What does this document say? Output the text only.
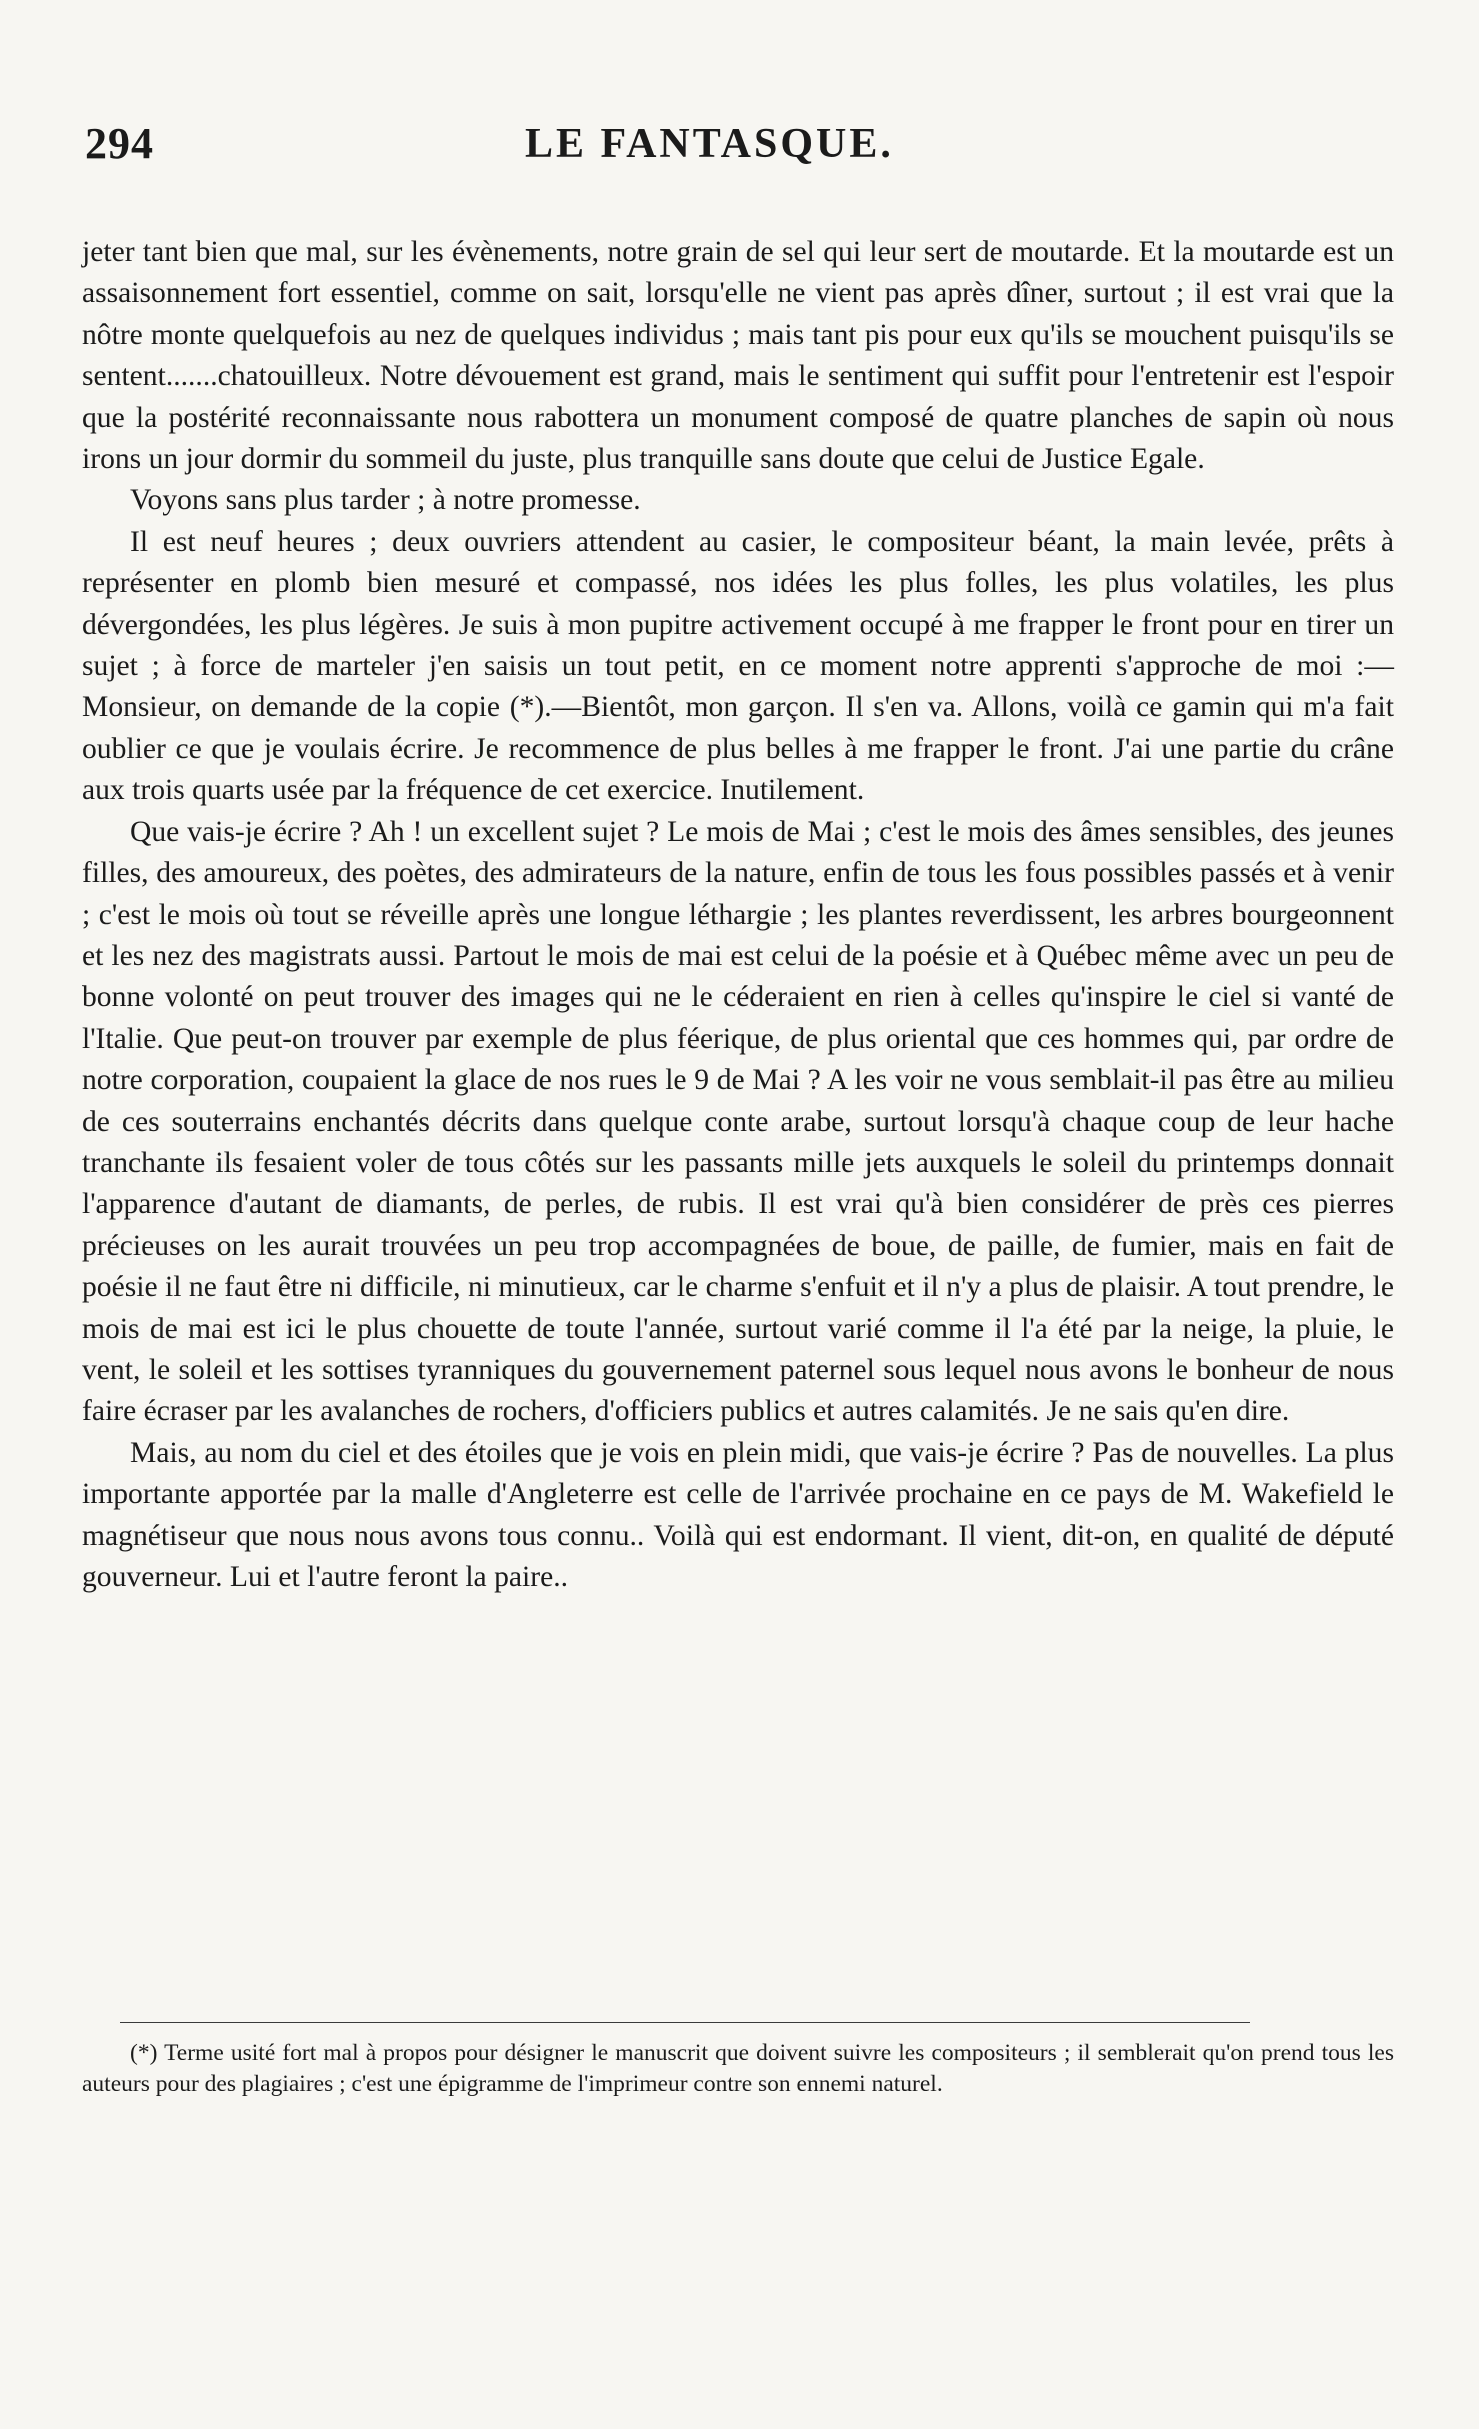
294	LE FANTASQUE.

jeter tant bien que mal, sur les évènements, notre grain de sel qui leur sert de moutarde. Et la moutarde est un assaisonnement fort essentiel, comme on sait, lorsqu'elle ne vient pas après dîner, surtout ; il est vrai que la nôtre monte quelquefois au nez de quelques individus ; mais tant pis pour eux qu'ils se mouchent puisqu'ils se sentent.......chatouilleux. Notre dévouement est grand, mais le sentiment qui suffit pour l'entretenir est l'espoir que la postérité reconnaissante nous rabottera un monument composé de quatre planches de sapin où nous irons un jour dormir du sommeil du juste, plus tranquille sans doute que celui de Justice Egale.

Voyons sans plus tarder ; à notre promesse.

Il est neuf heures ; deux ouvriers attendent au casier, le compositeur béant, la main levée, prêts à représenter en plomb bien mesuré et compassé, nos idées les plus folles, les plus volatiles, les plus dévergondées, les plus légères. Je suis à mon pupitre activement occupé à me frapper le front pour en tirer un sujet ; à force de marteler j'en saisis un tout petit, en ce moment notre apprenti s'approche de moi :—Monsieur, on demande de la copie (*).—Bientôt, mon garçon. Il s'en va. Allons, voilà ce gamin qui m'a fait oublier ce que je voulais écrire. Je recommence de plus belles à me frapper le front. J'ai une partie du crâne aux trois quarts usée par la fréquence de cet exercice. Inutilement.

Que vais-je écrire ? Ah ! un excellent sujet ? Le mois de Mai ; c'est le mois des âmes sensibles, des jeunes filles, des amoureux, des poètes, des admirateurs de la nature, enfin de tous les fous possibles passés et à venir ; c'est le mois où tout se réveille après une longue léthargie ; les plantes reverdissent, les arbres bourgeonnent et les nez des magistrats aussi. Partout le mois de mai est celui de la poésie et à Québec même avec un peu de bonne volonté on peut trouver des images qui ne le céderaient en rien à celles qu'inspire le ciel si vanté de l'Italie. Que peut-on trouver par exemple de plus féerique, de plus oriental que ces hommes qui, par ordre de notre corporation, coupaient la glace de nos rues le 9 de Mai ? A les voir ne vous semblait-il pas être au milieu de ces souterrains enchantés décrits dans quelque conte arabe, surtout lorsqu'à chaque coup de leur hache tranchante ils fesaient voler de tous côtés sur les passants mille jets auxquels le soleil du printemps donnait l'apparence d'autant de diamants, de perles, de rubis. Il est vrai qu'à bien considérer de près ces pierres précieuses on les aurait trouvées un peu trop accompagnées de boue, de paille, de fumier, mais en fait de poésie il ne faut être ni difficile, ni minutieux, car le charme s'enfuit et il n'y a plus de plaisir. A tout prendre, le mois de mai est ici le plus chouette de toute l'année, surtout varié comme il l'a été par la neige, la pluie, le vent, le soleil et les sottises tyranniques du gouvernement paternel sous lequel nous avons le bonheur de nous faire écraser par les avalanches de rochers, d'officiers publics et autres calamités. Je ne sais qu'en dire.

Mais, au nom du ciel et des étoiles que je vois en plein midi, que vais-je écrire ? Pas de nouvelles. La plus importante apportée par la malle d'Angleterre est celle de l'arrivée prochaine en ce pays de M. Wakefield le magnétiseur que nous nous avons tous connu.. Voilà qui est endormant. Il vient, dit-on, en qualité de député gouverneur. Lui et l'autre feront la paire..

(*) Terme usité fort mal à propos pour désigner le manuscrit que doivent suivre les compositeurs ; il semblerait qu'on prend tous les auteurs pour des plagiaires ; c'est une épigramme de l'imprimeur contre son ennemi naturel.
